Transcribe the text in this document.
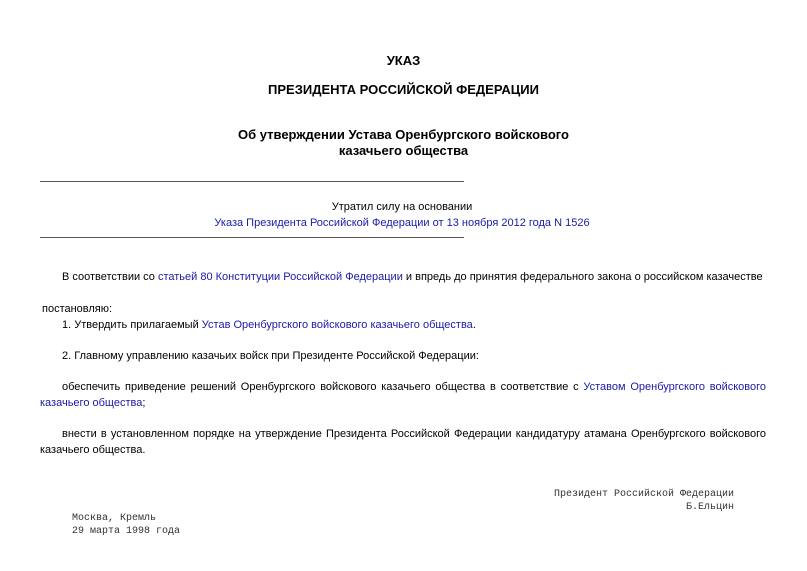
УКАЗ
ПРЕЗИДЕНТА РОССИЙСКОЙ ФЕДЕРАЦИИ
Об утверждении Устава Оренбургского войскового
казачьего общества
Утратил силу на основании
Указа Президента Российской Федерации от 13 ноября 2012 года N 1526
В соответствии со статьей 80 Конституции Российской Федерации и впредь до принятия федерального закона о российском казачестве
постановляю:
1. Утвердить прилагаемый Устав Оренбургского войскового казачьего общества.
2. Главному управлению казачьих войск при Президенте Российской Федерации:
обеспечить приведение решений Оренбургского войскового казачьего общества в соответствие с Уставом Оренбургского войскового казачьего общества;
внести в установленном порядке на утверждение Президента Российской Федерации кандидатуру атамана Оренбургского войскового казачьего общества.
Президент Российской Федерации
Б.Ельцин
Москва, Кремль
29 марта 1998 года
